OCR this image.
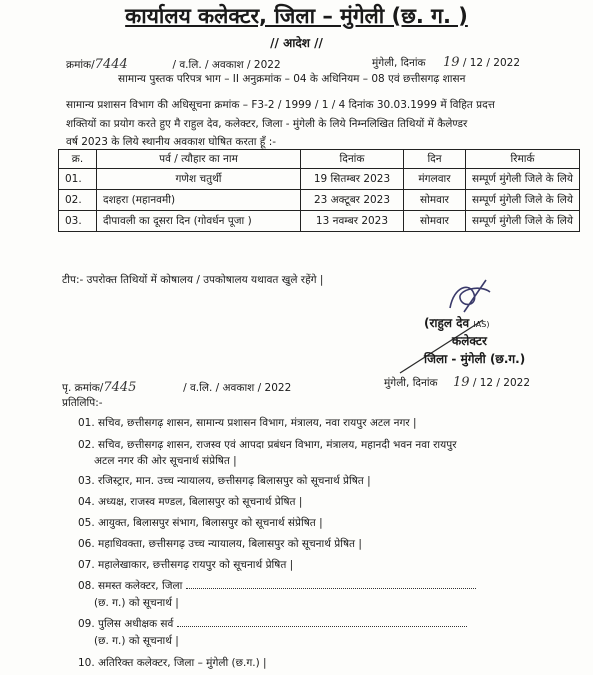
कार्यालय कलेक्टर, जिला – मुंगेली (छ. ग. )
// आदेश //
क्रमांक/7444	/ व.लि. / अवकाश / 2022	मुंगेली, दिनांक 19 / 12 / 2022
सामान्य पुस्तक परिपत्र भाग – II अनुक्रमांक – 04 के अधिनियम – 08 एवं छत्तीसगढ़ शासन
सामान्य प्रशासन विभाग की अधिसूचना क्रमांक – F3-2 / 1999 / 1 / 4 दिनांक 30.03.1999 में विहित प्रदत्त
शक्तियों का प्रयोग करते हुए मै राहुल देव, कलेक्टर, जिला - मुंगेली के लिये निम्नलिखित तिथियों में कैलेण्डर
वर्ष 2023 के लिये स्थानीय अवकाश घोषित करता हूँ :-
क्र.	पर्व / त्यौहार का नाम	दिनांक	दिन	रिमार्क
01.	गणेश चतुर्थी	19 सितम्बर 2023	मंगलवार	सम्पूर्ण मुंगेली जिले के लिये
02.	दशहरा (महानवमी)	23 अक्टूबर 2023	सोमवार	सम्पूर्ण मुंगेली जिले के लिये
03.	दीपावली का दूसरा दिन (गोवर्धन पूजा )	13 नवम्बर 2023	सोमवार	सम्पूर्ण मुंगेली जिले के लिये
टीप:- उपरोक्त तिथियों में कोषालय / उपकोषालय यथावत खुले रहेंगे |
(राहुल देव IAS)
कलेक्टर
जिला - मुंगेली (छ.ग.)
पृ. क्रमांक/7445	/ व.लि. / अवकाश / 2022	मुंगेली, दिनांक 19 / 12 / 2022
प्रतिलिपि:-
01. सचिव, छत्तीसगढ़ शासन, सामान्य प्रशासन विभाग, मंत्रालय, नवा रायपुर अटल नगर |
02. सचिव, छत्तीसगढ़ शासन, राजस्व एवं आपदा प्रबंधन विभाग, मंत्रालय, महानदी भवन नवा रायपुर
अटल नगर की ओर सूचनार्थ संप्रेषित |
03. रजिस्ट्रार, मान. उच्च न्यायालय, छत्तीसगढ़ बिलासपुर को सूचनार्थ प्रेषित |
04. अध्यक्ष, राजस्व मण्डल, बिलासपुर को सूचनार्थ प्रेषित |
05. आयुक्त, बिलासपुर संभाग, बिलासपुर को सूचनार्थ संप्रेषित |
06. महाधिवक्ता, छत्तीसगढ़ उच्च न्यायालय, बिलासपुर को सूचनार्थ प्रेषित |
07. महालेखाकार, छत्तीसगढ़ रायपुर को सूचनार्थ प्रेषित |
08. समस्त कलेक्टर, जिला
(छ. ग.) को सूचनार्थ |
09. पुलिस अधीक्षक सर्व
(छ. ग.) को सूचनार्थ |
10. अतिरिक्त कलेक्टर, जिला – मुंगेली (छ.ग.) |
